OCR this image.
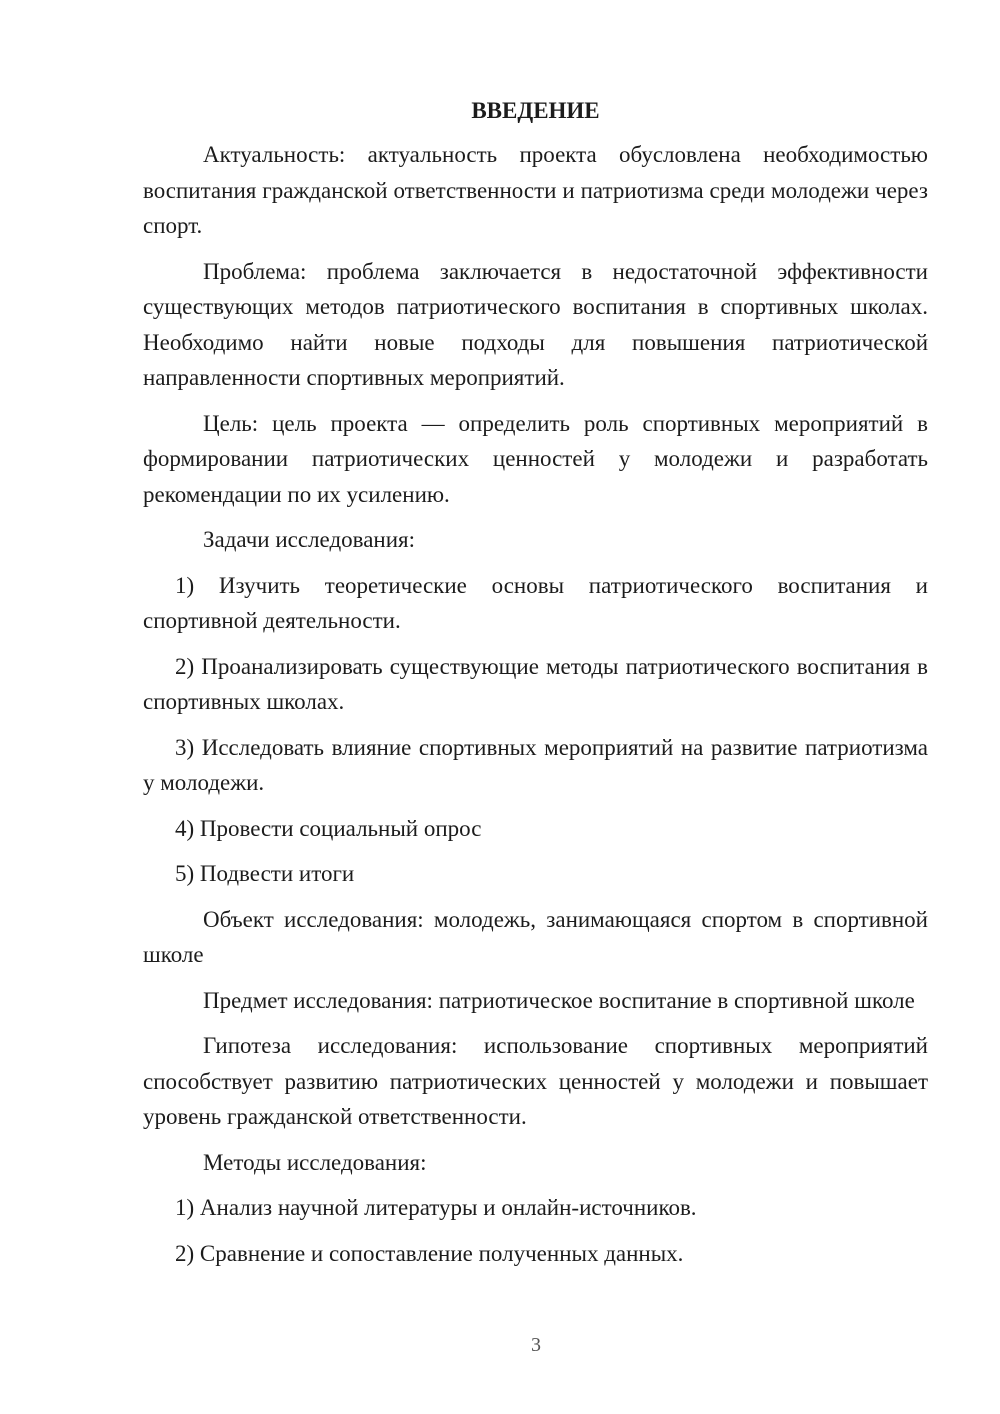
ВВЕДЕНИЕ

Актуальность: актуальность проекта обусловлена необходимостью воспитания гражданской ответственности и патриотизма среди молодежи через спорт.

Проблема: проблема заключается в недостаточной эффективности существующих методов патриотического воспитания в спортивных школах. Необходимо найти новые подходы для повышения патриотической направленности спортивных мероприятий.

Цель: цель проекта — определить роль спортивных мероприятий в формировании патриотических ценностей у молодежи и разработать рекомендации по их усилению.

Задачи исследования:

1) Изучить теоретические основы патриотического воспитания и спортивной деятельности.

2) Проанализировать существующие методы патриотического воспитания в спортивных школах.

3) Исследовать влияние спортивных мероприятий на развитие патриотизма у молодежи.

4) Провести социальный опрос

5) Подвести итоги

Объект исследования: молодежь, занимающаяся спортом в спортивной школе

Предмет исследования: патриотическое воспитание в спортивной школе

Гипотеза исследования: использование спортивных мероприятий способствует развитию патриотических ценностей у молодежи и повышает уровень гражданской ответственности.

Методы исследования:

1) Анализ научной литературы и онлайн-источников.

2) Сравнение и сопоставление полученных данных.

3
